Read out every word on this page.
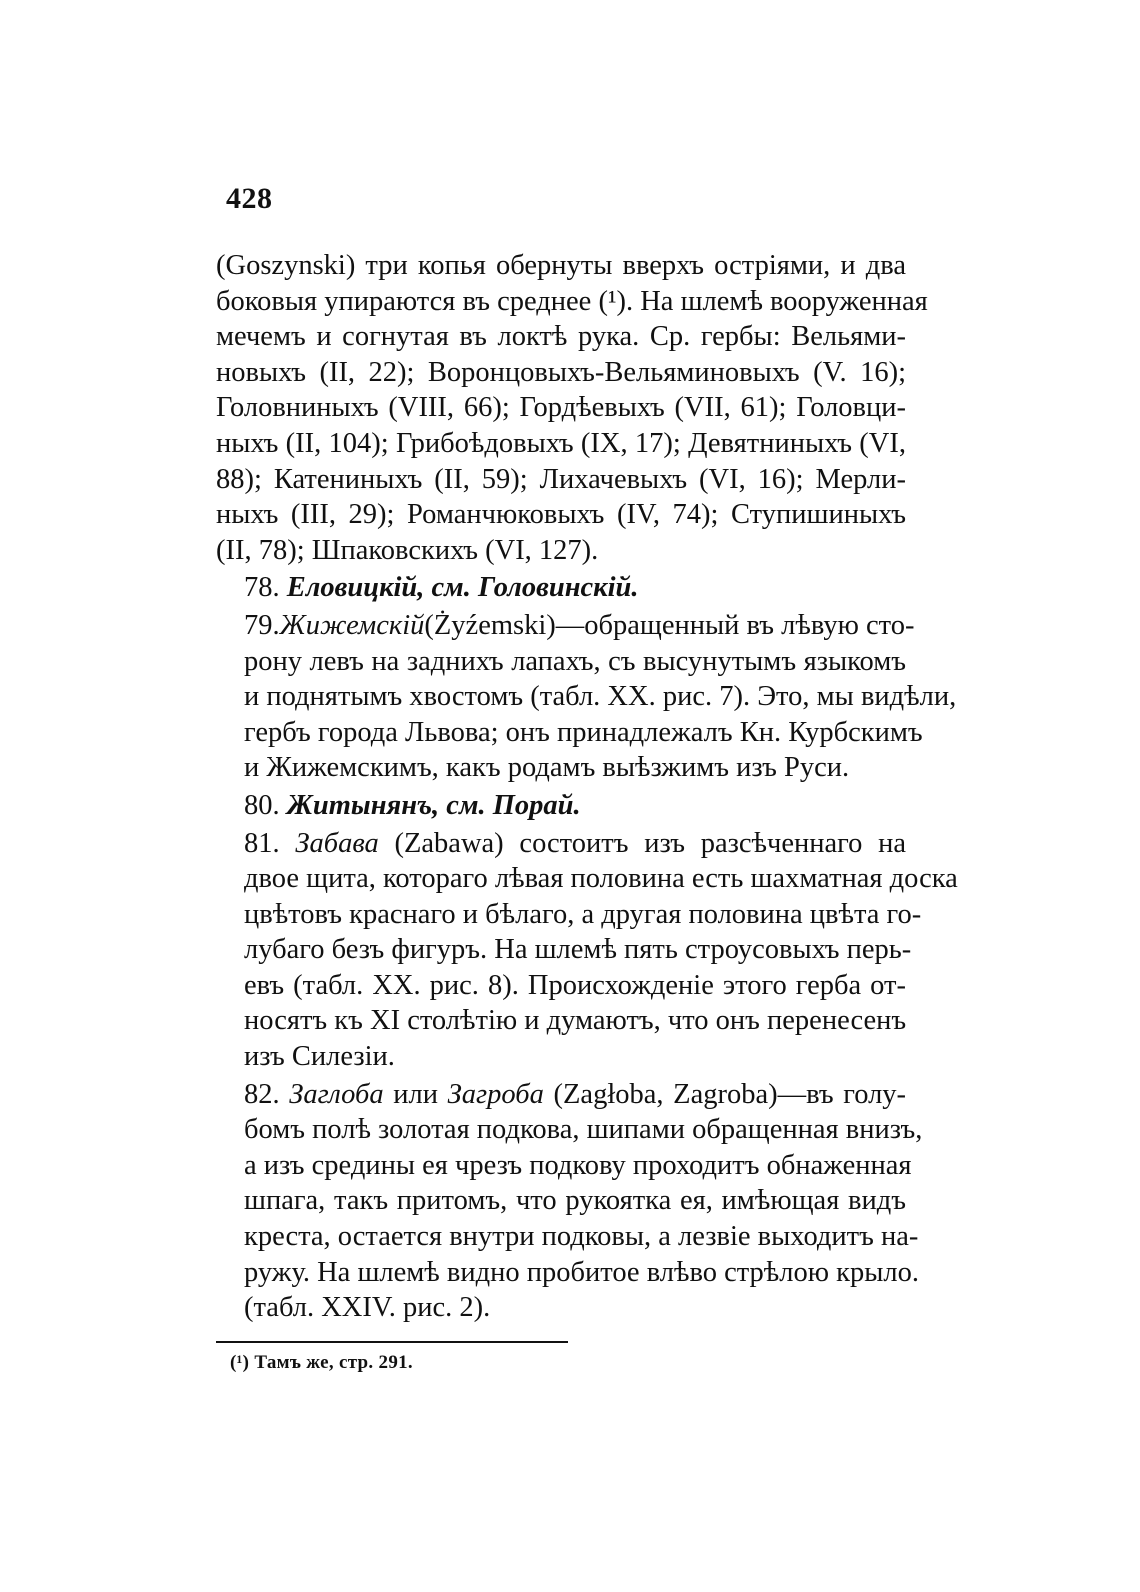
428

(Goszynski) три копья обернуты вверхъ остріями, и два
боковыя упираются въ среднее (¹). На шлемѣ вооруженная
мечемъ и согнутая въ локтѣ рука. Ср. гербы: Вельями-
новыхъ (II, 22); Воронцовыхъ-Вельяминовыхъ (V. 16);
Головниныхъ (VIII, 66); Гордѣевыхъ (VII, 61); Головци-
ныхъ (II, 104); Грибоѣдовыхъ (IX, 17); Девятниныхъ (VI,
88); Катениныхъ (II, 59); Лихачевыхъ (VI, 16); Мерли-
ныхъ (III, 29); Романчюковыхъ (IV, 74); Ступишиныхъ
(II, 78); Шпаковскихъ (VI, 127).

78. Еловицкій, см. Головинскій.

79.Жижемскій(Żyźemski)—обращенный въ лѣвую сто-
рону левъ на заднихъ лапахъ, съ высунутымъ языкомъ
и поднятымъ хвостомъ (табл. XX. рис. 7). Это, мы видѣли,
гербъ города Львова; онъ принадлежалъ Кн. Курбскимъ
и Жижемскимъ, какъ родамъ выѣзжимъ изъ Руси.

80. Житынянъ, см. Порай.

81. Забава (Zabawa) состоитъ изъ разсѣченнаго на
двое щита, котораго лѣвая половина есть шахматная доска
цвѣтовъ краснаго и бѣлаго, а другая половина цвѣта го-
лубаго безъ фигуръ. На шлемѣ пять строусовыхъ перь-
евъ (табл. XX. рис. 8). Происхожденіе этого герба от-
носятъ къ XI столѣтію и думаютъ, что онъ перенесенъ
изъ Силезіи.

82. Заглоба или Загроба (Zagłoba, Zagroba)—въ голу-
бомъ полѣ золотая подкова, шипами обращенная внизъ,
а изъ средины ея чрезъ подкову проходитъ обнаженная
шпага, такъ притомъ, что рукоятка ея, имѣющая видъ
креста, остается внутри подковы, а лезвіе выходитъ на-
ружу. На шлемѣ видно пробитое влѣво стрѣлою крыло.
(табл. XXIV. рис. 2).

(¹) Тамъ же, стр. 291.
